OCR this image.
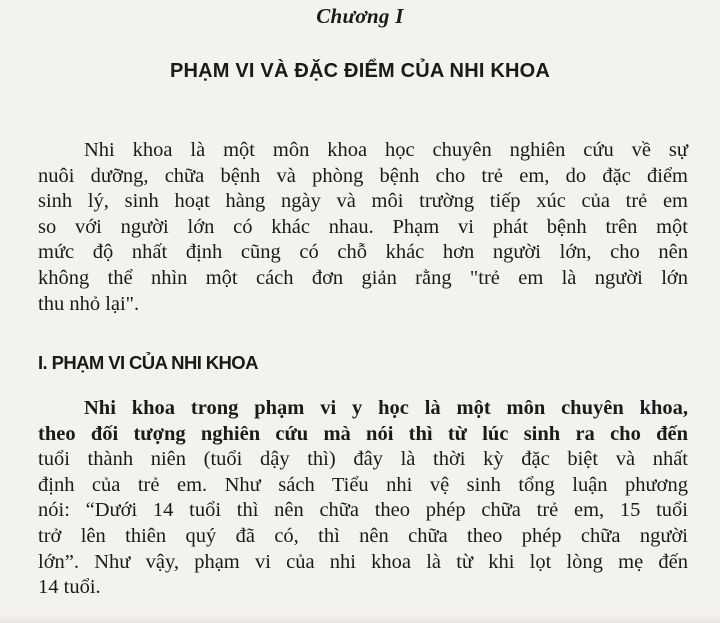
Chương I
PHẠM VI VÀ ĐẶC ĐIỂM CỦA NHI KHOA
Nhi khoa là một môn khoa học chuyên nghiên cứu về sự
nuôi dưỡng, chữa bệnh và phòng bệnh cho trẻ em, do đặc điểm
sinh lý, sinh hoạt hàng ngày và môi trường tiếp xúc của trẻ em
so với người lớn có khác nhau. Phạm vi phát bệnh trên một
mức độ nhất định cũng có chỗ khác hơn người lớn, cho nên
không thể nhìn một cách đơn giản rằng "trẻ em là người lớn
thu nhỏ lại".
I. PHẠM VI CỦA NHI KHOA
Nhi khoa trong phạm vi y học là một môn chuyên khoa,
theo đối tượng nghiên cứu mà nói thì từ lúc sinh ra cho đến
tuổi thành niên (tuổi dậy thì) đây là thời kỳ đặc biệt và nhất
định của trẻ em. Như sách Tiểu nhi vệ sinh tổng luận phương
nói: “Dưới 14 tuổi thì nên chữa theo phép chữa trẻ em, 15 tuổi
trở lên thiên quý đã có, thì nên chữa theo phép chữa người
lớn”. Như vậy, phạm vi của nhi khoa là từ khi lọt lòng mẹ đến
14 tuổi.
